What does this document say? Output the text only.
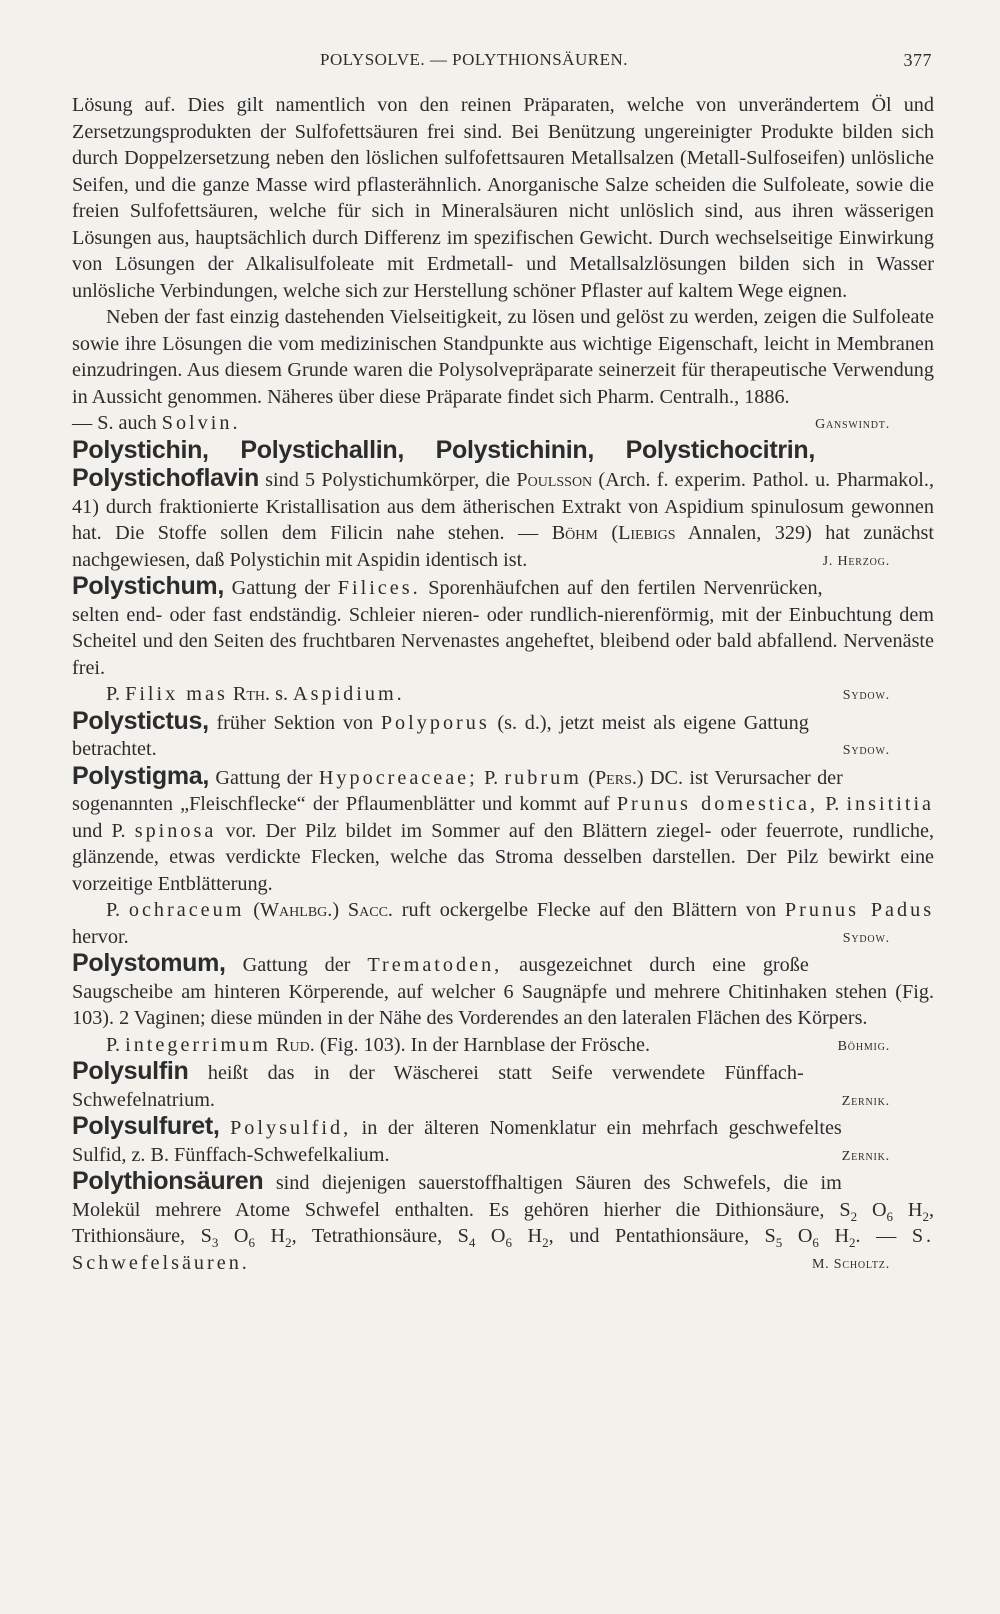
POLYSOLVE. — POLYTHIONSÄUREN.	377

Lösung auf. Dies gilt namentlich von den reinen Präparaten, welche von unverändertem Öl und Zersetzungsprodukten der Sulfofettsäuren frei sind. Bei Benützung ungereinigter Produkte bilden sich durch Doppelzersetzung neben den löslichen sulfofettsauren Metallsalzen (Metall-Sulfoseifen) unlösliche Seifen, und die ganze Masse wird pflasterähnlich. Anorganische Salze scheiden die Sulfoleate, sowie die freien Sulfofettsäuren, welche für sich in Mineralsäuren nicht unlöslich sind, aus ihren wässerigen Lösungen aus, hauptsächlich durch Differenz im spezifischen Gewicht. Durch wechselseitige Einwirkung von Lösungen der Alkalisulfoleate mit Erdmetall- und Metallsalzlösungen bilden sich in Wasser unlösliche Verbindungen, welche sich zur Herstellung schöner Pflaster auf kaltem Wege eignen.

Neben der fast einzig dastehenden Vielseitigkeit, zu lösen und gelöst zu werden, zeigen die Sulfoleate sowie ihre Lösungen die vom medizinischen Standpunkte aus wichtige Eigenschaft, leicht in Membranen einzudringen. Aus diesem Grunde waren die Polysolvepräparate seinerzeit für therapeutische Verwendung in Aussicht genommen. Näheres über diese Präparate findet sich Pharm. Centralh., 1886.

— S. auch Solvin.	Ganswindt.

Polystichin, Polystichallin, Polystichinin, Polystichocitrin, Polystichoflavin sind 5 Polystichumkörper, die Poulsson (Arch. f. experim. Pathol. u. Pharmakol., 41) durch fraktionierte Kristallisation aus dem ätherischen Extrakt von Aspidium spinulosum gewonnen hat. Die Stoffe sollen dem Filicin nahe stehen. — Böhm (Liebigs Annalen, 329) hat zunächst nachgewiesen, daß Polystichin mit Aspidin identisch ist.	J. Herzog.

Polystichum, Gattung der Filices. Sporenhäufchen auf den fertilen Nervenrücken, selten end- oder fast endständig. Schleier nieren- oder rundlich-nierenförmig, mit der Einbuchtung dem Scheitel und den Seiten des fruchtbaren Nervenastes angeheftet, bleibend oder bald abfallend. Nervenäste frei.

P. Filix mas Rth. s. Aspidium.	Sydow.

Polystictus, früher Sektion von Polyporus (s. d.), jetzt meist als eigene Gattung betrachtet.	Sydow.

Polystigma, Gattung der Hypocreaceae; P. rubrum (Pers.) DC. ist Verursacher der sogenannten „Fleischflecke“ der Pflaumenblätter und kommt auf Prunus domestica, P. insititia und P. spinosa vor. Der Pilz bildet im Sommer auf den Blättern ziegel- oder feuerrote, rundliche, glänzende, etwas verdickte Flecken, welche das Stroma desselben darstellen. Der Pilz bewirkt eine vorzeitige Entblätterung.

P. ochraceum (Wahlbg.) Sacc. ruft ockergelbe Flecke auf den Blättern von Prunus Padus hervor.	Sydow.

Polystomum, Gattung der Trematoden, ausgezeichnet durch eine große Saugscheibe am hinteren Körperende, auf welcher 6 Saugnäpfe und mehrere Chitinhaken stehen (Fig. 103). 2 Vaginen; diese münden in der Nähe des Vorderendes an den lateralen Flächen des Körpers.

P. integerrimum Rud. (Fig. 103). In der Harnblase der Frösche.	Böhmig.

Polysulfin heißt das in der Wäscherei statt Seife verwendete Fünffach-Schwefelnatrium.	Zernik.

Polysulfuret, Polysulfid, in der älteren Nomenklatur ein mehrfach geschwefeltes Sulfid, z. B. Fünffach-Schwefelkalium.	Zernik.

Polythionsäuren sind diejenigen sauerstoffhaltigen Säuren des Schwefels, die im Molekül mehrere Atome Schwefel enthalten. Es gehören hierher die Dithionsäure, $S_2$ $O_6$ $H_2$, Trithionsäure, $S_3$ $O_6$ $H_2$, Tetrathionsäure, $S_4$ $O_6$ $H_2$, und Pentathionsäure, $S_5$ $O_6$ $H_2$. — S. Schwefelsäuren.	M. Scholtz.
